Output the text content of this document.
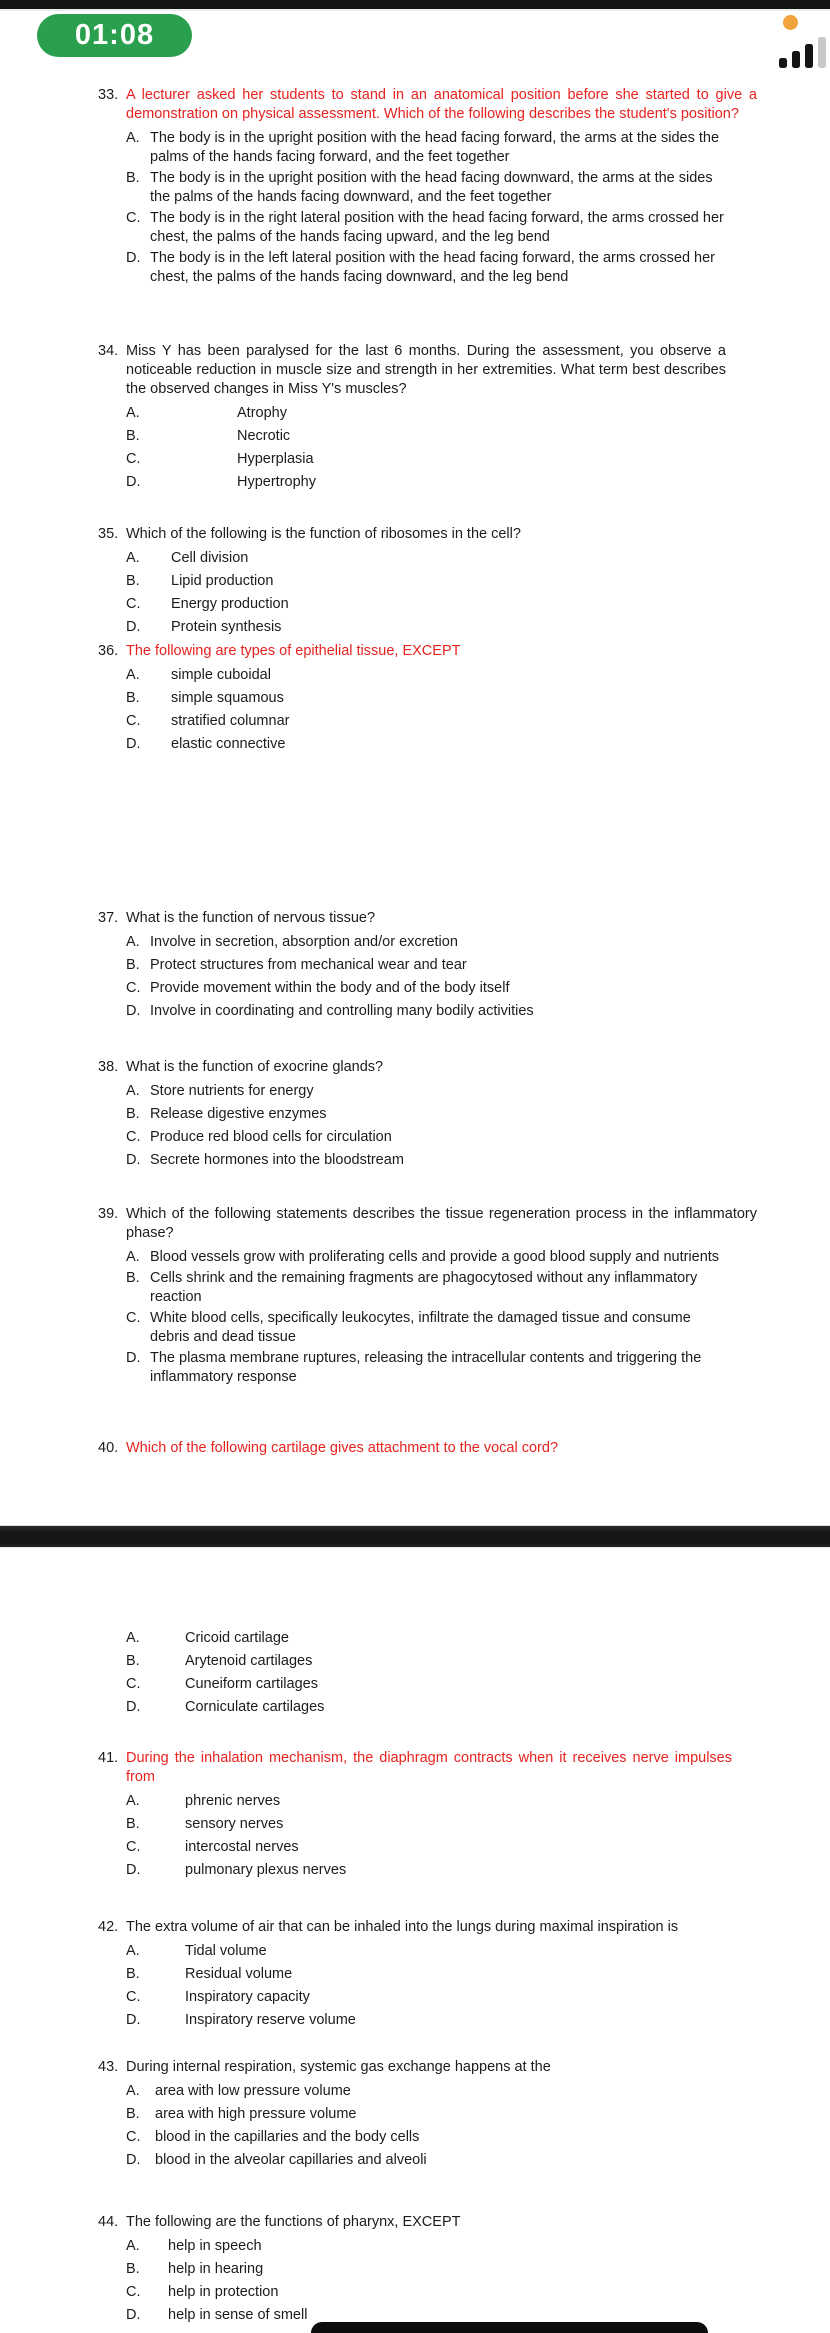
01:08
33. A lecturer asked her students to stand in an anatomical position before she started to give a demonstration on physical assessment. Which of the following describes the student's position?
A. The body is in the upright position with the head facing forward, the arms at the sides the palms of the hands facing forward, and the feet together
B. The body is in the upright position with the head facing downward, the arms at the sides the palms of the hands facing downward, and the feet together
C. The body is in the right lateral position with the head facing forward, the arms crossed her chest, the palms of the hands facing upward, and the leg bend
D. The body is in the left lateral position with the head facing forward, the arms crossed her chest, the palms of the hands facing downward, and the leg bend
34. Miss Y has been paralysed for the last 6 months. During the assessment, you observe a noticeable reduction in muscle size and strength in her extremities. What term best describes the observed changes in Miss Y's muscles?
A.	Atrophy
B.	Necrotic
C.	Hyperplasia
D.	Hypertrophy
35. Which of the following is the function of ribosomes in the cell?
A. Cell division
B. Lipid production
C. Energy production
D. Protein synthesis
36. The following are types of epithelial tissue, EXCEPT
A. simple cuboidal
B. simple squamous
C. stratified columnar
D. elastic connective
37. What is the function of nervous tissue?
A. Involve in secretion, absorption and/or excretion
B. Protect structures from mechanical wear and tear
C. Provide movement within the body and of the body itself
D. Involve in coordinating and controlling many bodily activities
38. What is the function of exocrine glands?
A. Store nutrients for energy
B. Release digestive enzymes
C. Produce red blood cells for circulation
D. Secrete hormones into the bloodstream
39. Which of the following statements describes the tissue regeneration process in the inflammatory phase?
A. Blood vessels grow with proliferating cells and provide a good blood supply and nutrients
B. Cells shrink and the remaining fragments are phagocytosed without any inflammatory reaction
C. White blood cells, specifically leukocytes, infiltrate the damaged tissue and consume debris and dead tissue
D. The plasma membrane ruptures, releasing the intracellular contents and triggering the inflammatory response
40. Which of the following cartilage gives attachment to the vocal cord?
A.	Cricoid cartilage
B.	Arytenoid cartilages
C.	Cuneiform cartilages
D.	Corniculate cartilages
41. During the inhalation mechanism, the diaphragm contracts when it receives nerve impulses from
A.	phrenic nerves
B.	sensory nerves
C.	intercostal nerves
D.	pulmonary plexus nerves
42. The extra volume of air that can be inhaled into the lungs during maximal inspiration is
A.	Tidal volume
B.	Residual volume
C.	Inspiratory capacity
D.	Inspiratory reserve volume
43. During internal respiration, systemic gas exchange happens at the
A. area with low pressure volume
B. area with high pressure volume
C. blood in the capillaries and the body cells
D. blood in the alveolar capillaries and alveoli
44. The following are the functions of pharynx, EXCEPT
A. help in speech
B. help in hearing
C. help in protection
D. help in sense of smell
